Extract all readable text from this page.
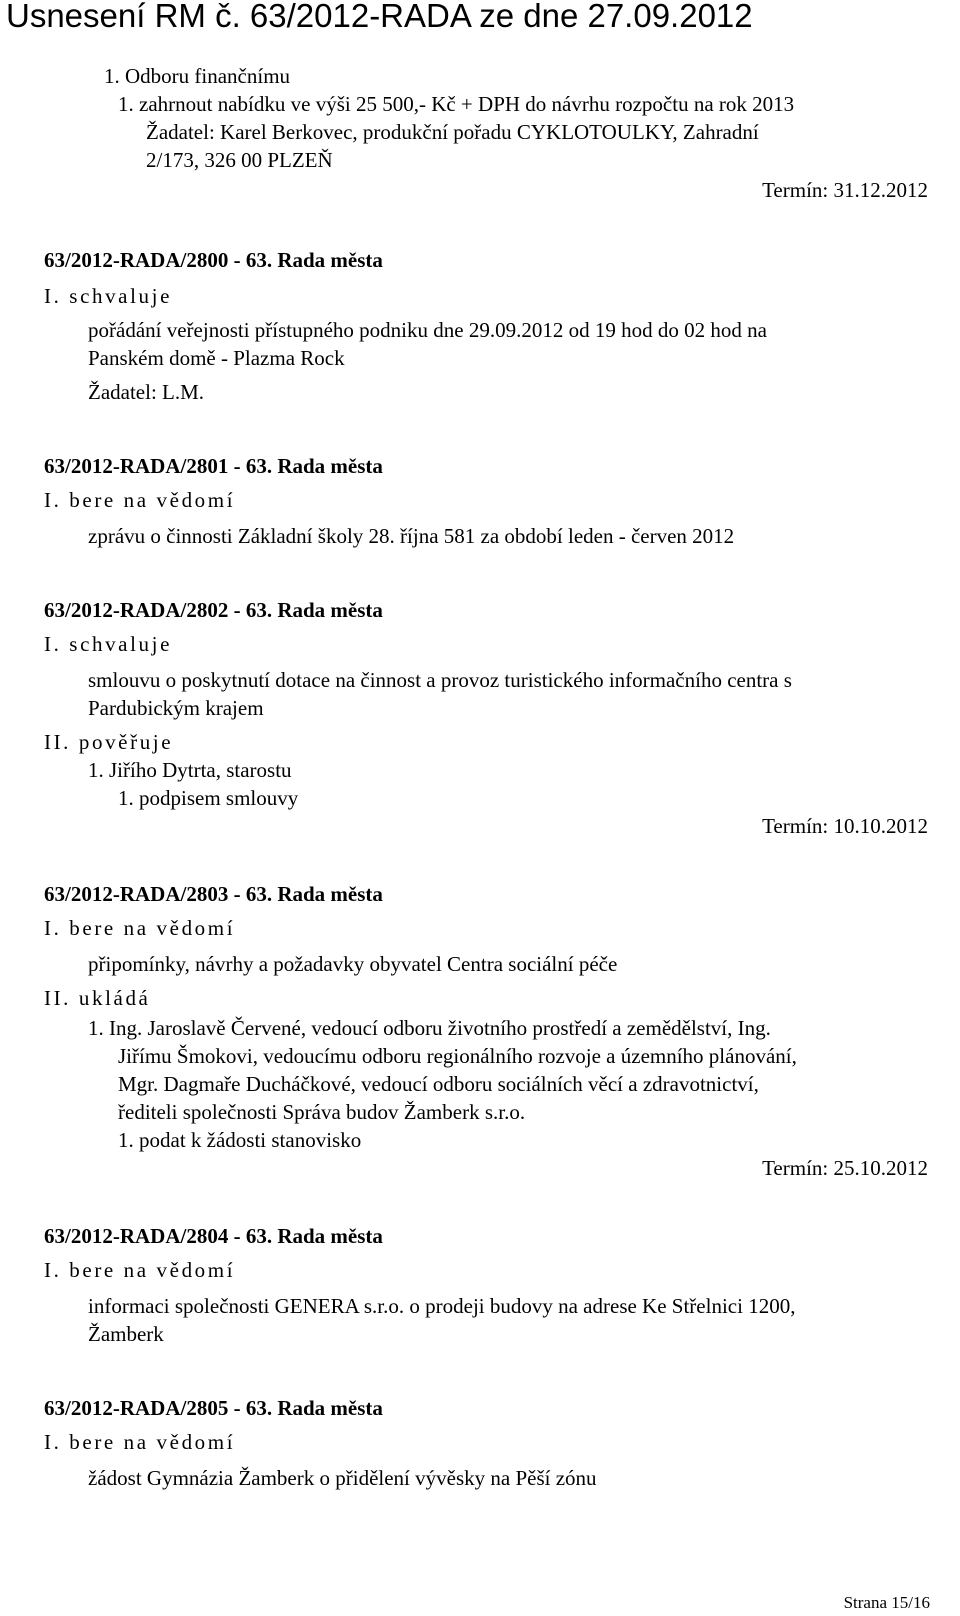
Usnesení RM č. 63/2012-RADA ze dne 27.09.2012
1. Odboru finančnímu
1. zahrnout nabídku ve výši 25 500,- Kč + DPH do návrhu rozpočtu na rok 2013
Žadatel: Karel Berkovec, produkční pořadu CYKLOTOULKY, Zahradní
2/173, 326 00 PLZEŇ
Termín: 31.12.2012
63/2012-RADA/2800 - 63. Rada města
I. schvaluje
pořádání veřejnosti přístupného podniku dne 29.09.2012 od 19 hod do 02 hod na
Panském domě - Plazma Rock
Žadatel: L.M.
63/2012-RADA/2801 - 63. Rada města
I. bere na vědomí
zprávu o činnosti Základní školy 28. října 581 za období leden - červen 2012
63/2012-RADA/2802 - 63. Rada města
I. schvaluje
smlouvu o poskytnutí dotace na činnost a provoz turistického informačního centra s
Pardubickým krajem
II. pověřuje
1. Jiřího Dytrta, starostu
1. podpisem smlouvy
Termín: 10.10.2012
63/2012-RADA/2803 - 63. Rada města
I. bere na vědomí
připomínky, návrhy a požadavky obyvatel Centra sociální péče
II. ukládá
1. Ing. Jaroslavě Červené, vedoucí odboru životního prostředí a zemědělství, Ing.
Jiřímu Šmokovi, vedoucímu odboru regionálního rozvoje a územního plánování,
Mgr. Dagmaře Ducháčkové, vedoucí odboru sociálních věcí a zdravotnictví,
řediteli společnosti Správa budov Žamberk s.r.o.
1. podat k žádosti stanovisko
Termín: 25.10.2012
63/2012-RADA/2804 - 63. Rada města
I. bere na vědomí
informaci společnosti GENERA s.r.o. o prodeji budovy na adrese Ke Střelnici 1200,
Žamberk
63/2012-RADA/2805 - 63. Rada města
I. bere na vědomí
žádost Gymnázia Žamberk o přidělení vývěsky na Pěší zónu
Strana 15/16
